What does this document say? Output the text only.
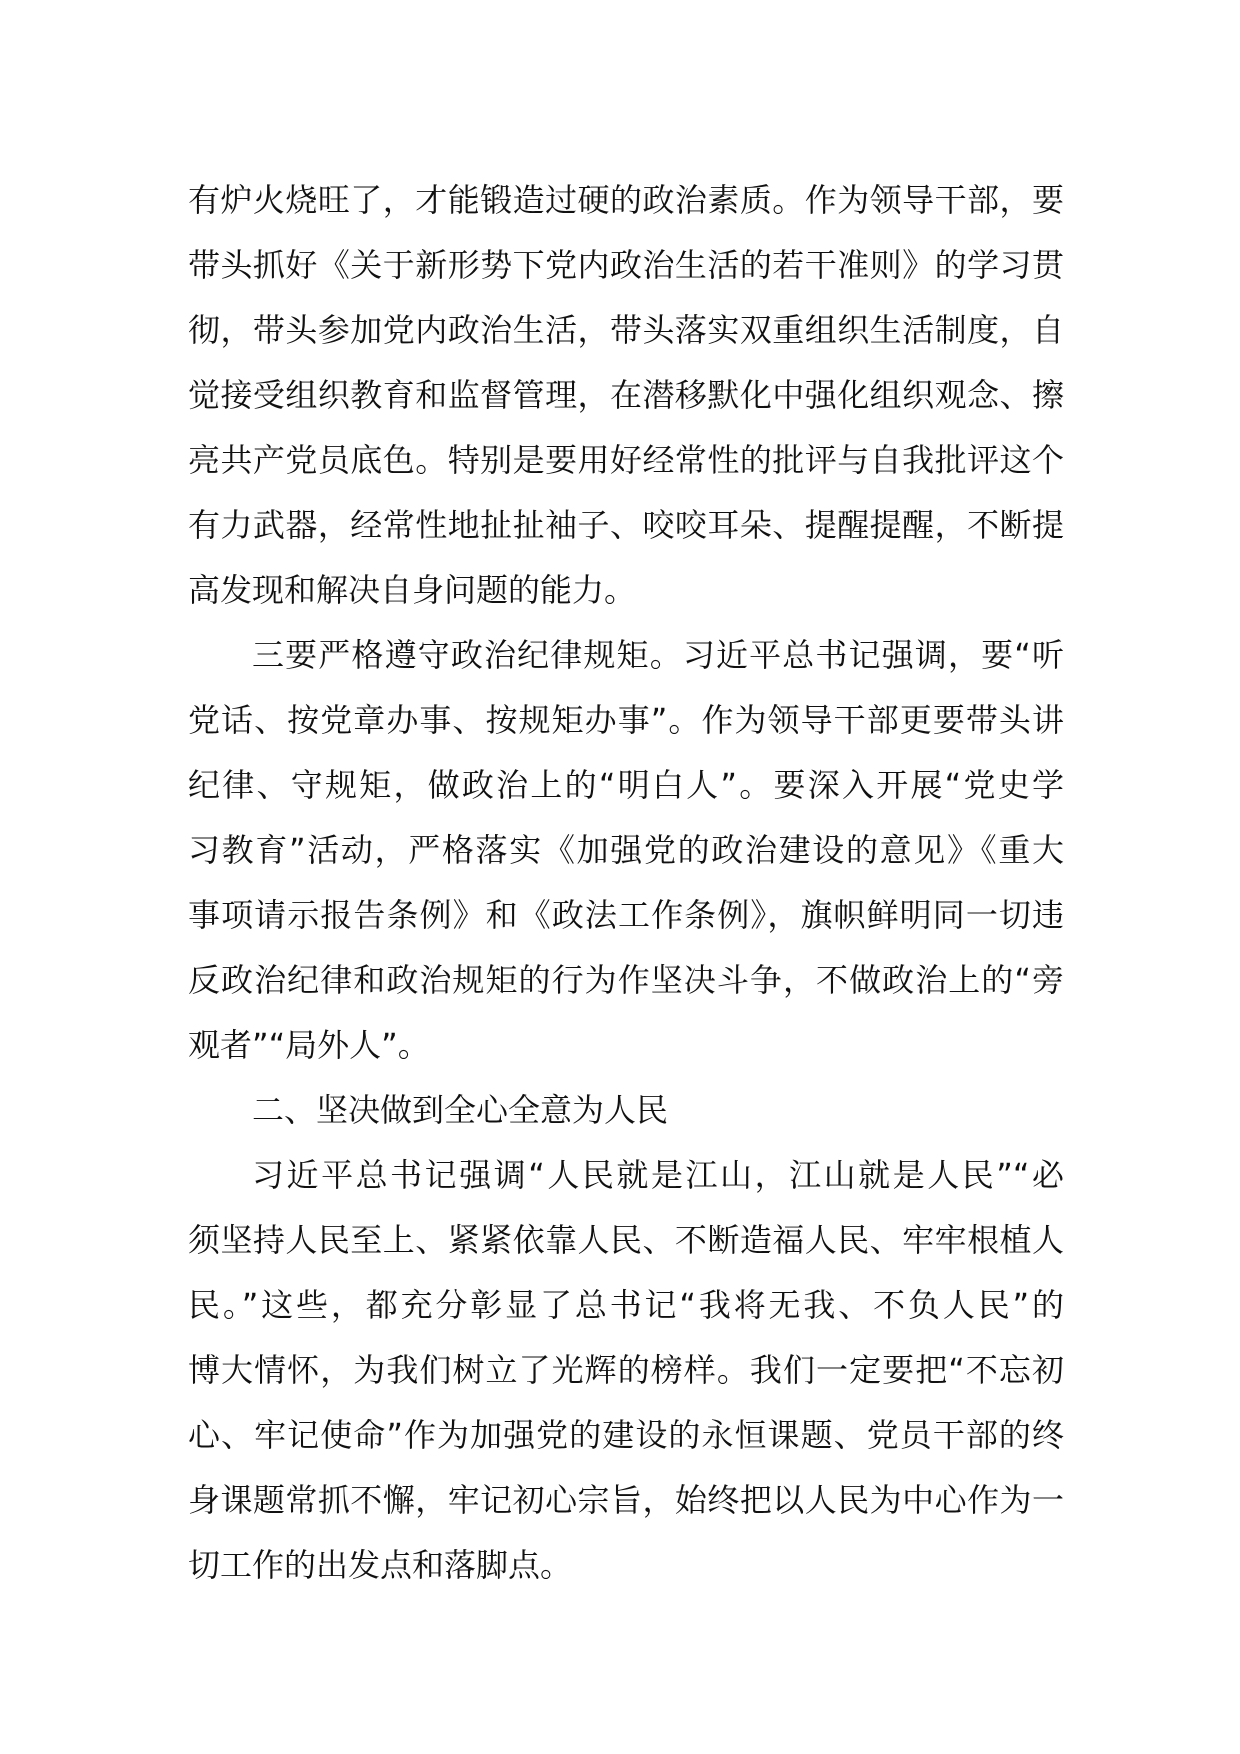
有炉火烧旺了，才能锻造过硬的政治素质。作为领导干部，要
带头抓好《关于新形势下党内政治生活的若干准则》的学习贯
彻，带头参加党内政治生活，带头落实双重组织生活制度，自
觉接受组织教育和监督管理，在潜移默化中强化组织观念、擦
亮共产党员底色。特别是要用好经常性的批评与自我批评这个
有力武器，经常性地扯扯袖子、咬咬耳朵、提醒提醒，不断提
高发现和解决自身问题的能力。
三要严格遵守政治纪律规矩。习近平总书记强调，要“听
党话、按党章办事、按规矩办事”。作为领导干部更要带头讲
纪律、守规矩，做政治上的“明白人”。要深入开展“党史学
习教育”活动，严格落实《加强党的政治建设的意见》《重大
事项请示报告条例》和《政法工作条例》，旗帜鲜明同一切违
反政治纪律和政治规矩的行为作坚决斗争，不做政治上的“旁
观者”“局外人”。
二、坚决做到全心全意为人民
习近平总书记强调“人民就是江山，江山就是人民”“必
须坚持人民至上、紧紧依靠人民、不断造福人民、牢牢根植人
民。”这些，都充分彰显了总书记“我将无我、不负人民”的
博大情怀，为我们树立了光辉的榜样。我们一定要把“不忘初
心、牢记使命”作为加强党的建设的永恒课题、党员干部的终
身课题常抓不懈，牢记初心宗旨，始终把以人民为中心作为一
切工作的出发点和落脚点。
